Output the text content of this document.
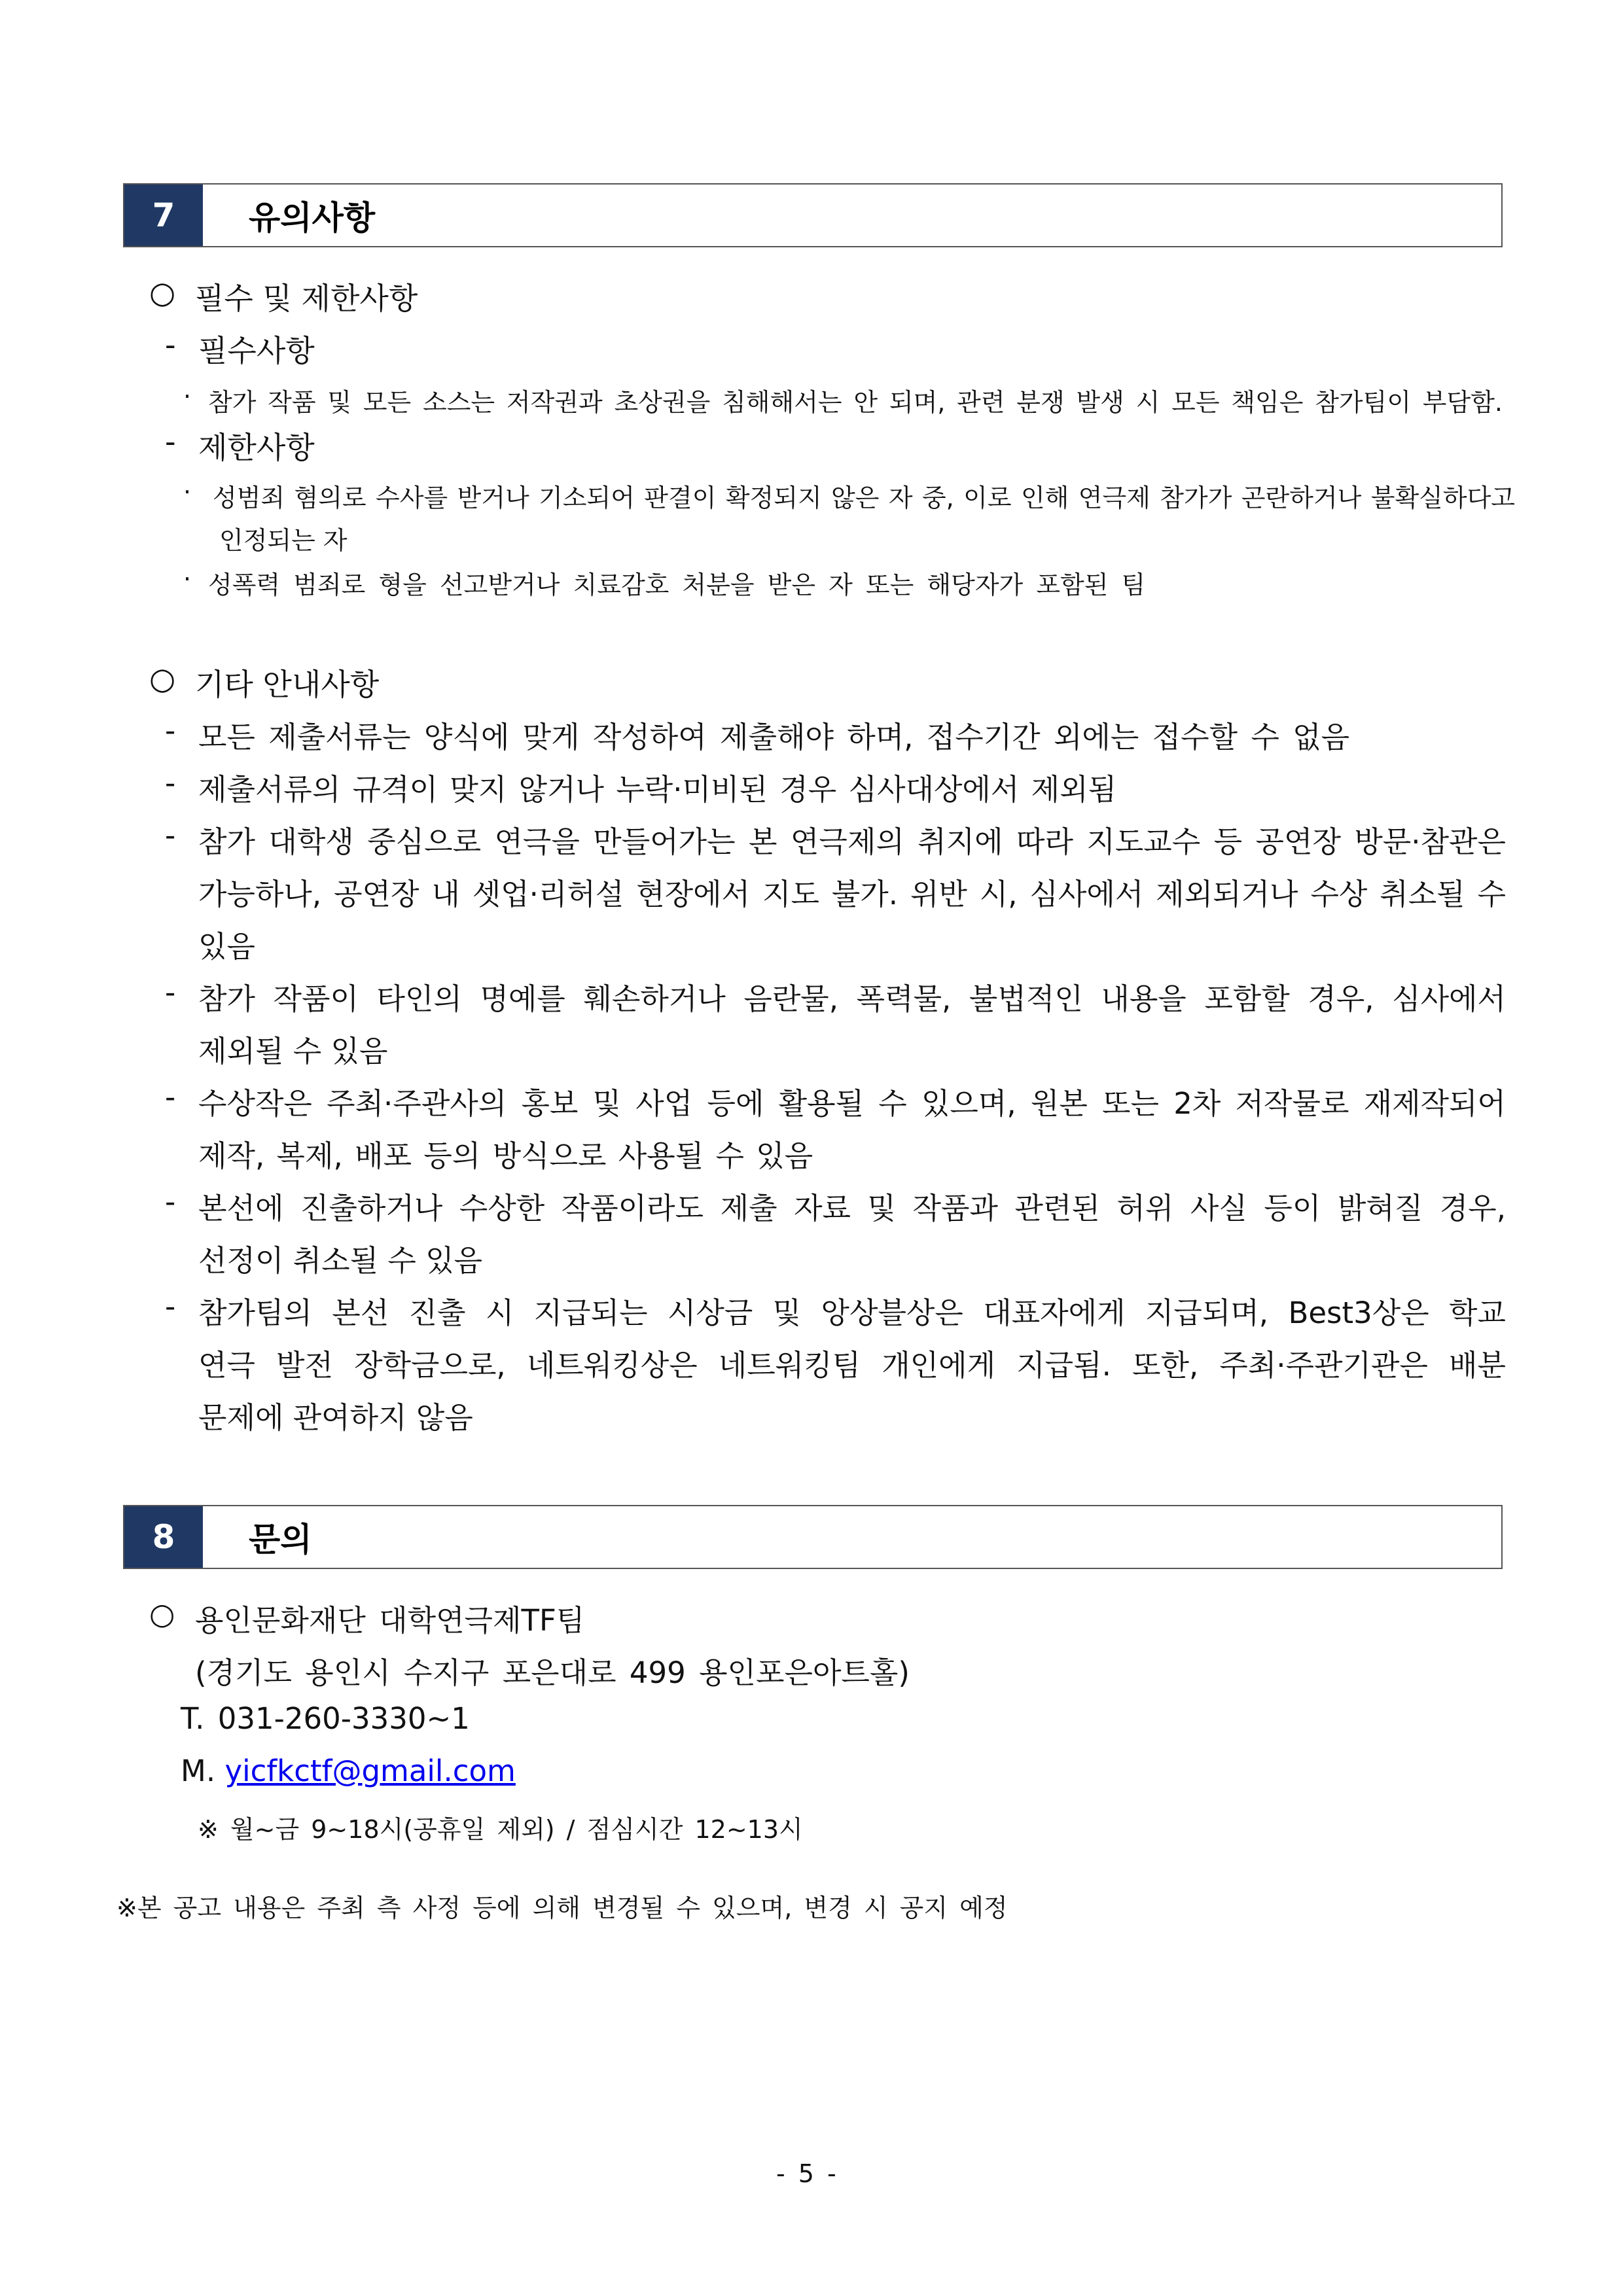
7	유의사항
○ 필수 및 제한사항
- 필수사항
· 참가 작품 및 모든 소스는 저작권과 초상권을 침해해서는 안 되며, 관련 분쟁 발생 시 모든 책임은 참가팀이 부담함.
- 제한사항
· 성범죄 혐의로 수사를 받거나 기소되어 판결이 확정되지 않은 자 중, 이로 인해 연극제 참가가 곤란하거나 불확실하다고
인정되는 자
· 성폭력 범죄로 형을 선고받거나 치료감호 처분을 받은 자 또는 해당자가 포함된 팀
○ 기타 안내사항
- 모든 제출서류는 양식에 맞게 작성하여 제출해야 하며, 접수기간 외에는 접수할 수 없음
- 제출서류의 규격이 맞지 않거나 누락·미비된 경우 심사대상에서 제외됨
- 참가 대학생 중심으로 연극을 만들어가는 본 연극제의 취지에 따라 지도교수 등 공연장 방문·참관은
가능하나, 공연장 내 셋업·리허설 현장에서 지도 불가. 위반 시, 심사에서 제외되거나 수상 취소될 수
있음
- 참가 작품이 타인의 명예를 훼손하거나 음란물, 폭력물, 불법적인 내용을 포함할 경우, 심사에서
제외될 수 있음
- 수상작은 주최·주관사의 홍보 및 사업 등에 활용될 수 있으며, 원본 또는 2차 저작물로 재제작되어
제작, 복제, 배포 등의 방식으로 사용될 수 있음
- 본선에 진출하거나 수상한 작품이라도 제출 자료 및 작품과 관련된 허위 사실 등이 밝혀질 경우,
선정이 취소될 수 있음
- 참가팀의 본선 진출 시 지급되는 시상금 및 앙상블상은 대표자에게 지급되며, Best3상은 학교
연극 발전 장학금으로, 네트워킹상은 네트워킹팀 개인에게 지급됨. 또한, 주최·주관기관은 배분
문제에 관여하지 않음
8	문의
○ 용인문화재단 대학연극제TF팀
(경기도 용인시 수지구 포은대로 499 용인포은아트홀)
T. 031-260-3330~1
M. yicfkctf@gmail.com
※ 월~금 9~18시(공휴일 제외) / 점심시간 12~13시
※본 공고 내용은 주최 측 사정 등에 의해 변경될 수 있으며, 변경 시 공지 예정
- 5 -
